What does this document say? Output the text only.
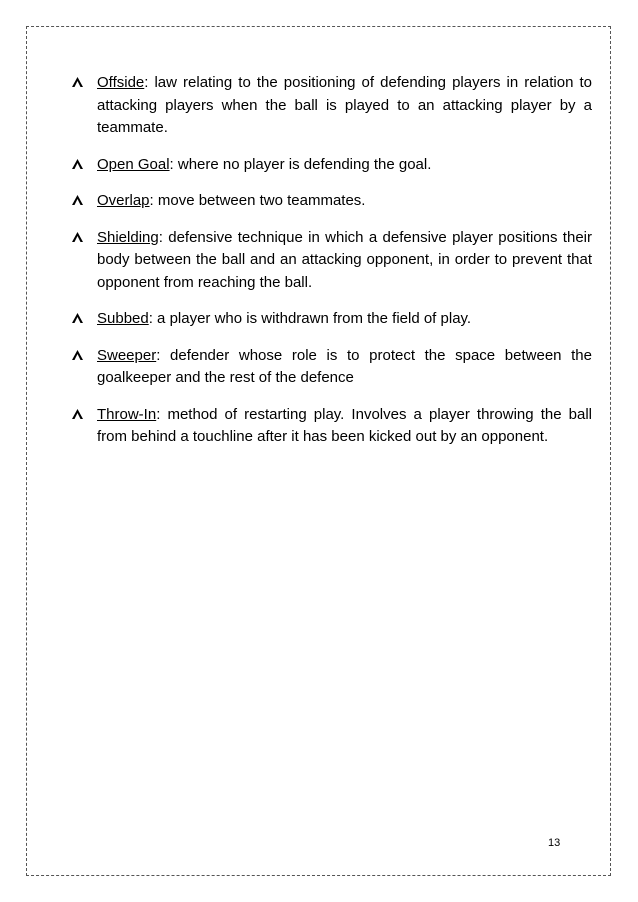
Offside: law relating to the positioning of defending players in relation to attacking players when the ball is played to an attacking player by a teammate.
Open Goal: where no player is defending the goal.
Overlap: move between two teammates.
Shielding: defensive technique in which a defensive player positions their body between the ball and an attacking opponent, in order to prevent that opponent from reaching the ball.
Subbed: a player who is withdrawn from the field of play.
Sweeper: defender whose role is to protect the space between the goalkeeper and the rest of the defence
Throw-In: method of restarting play. Involves a player throwing the ball from behind a touchline after it has been kicked out by an opponent.
13
